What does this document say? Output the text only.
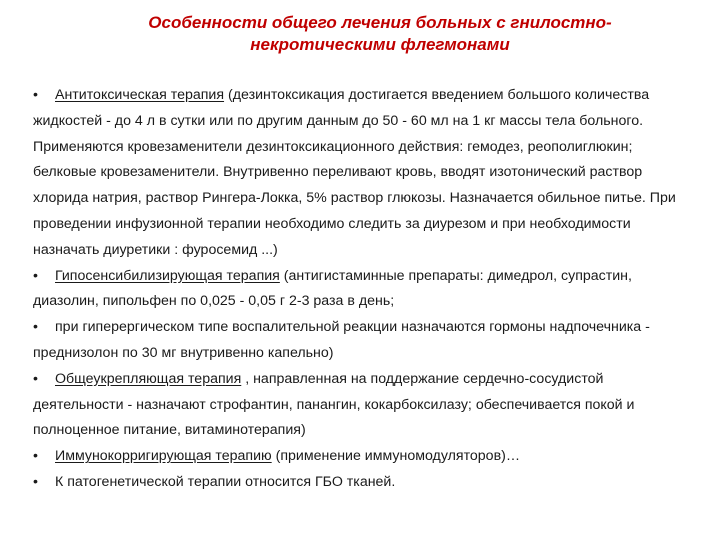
Особенности общего лечения больных с гнилостно-
некротическими флегмонами

• Антитоксическая терапия (дезинтоксикация достигается введением большого количества жидкостей - до 4 л в сутки или по другим данным до 50 - 60 мл на 1 кг массы тела больного. Применяются кровезаменители дезинтоксикационного действия: гемодез, реополиглюкин; белковые кровезаменители. Внутривенно переливают кровь, вводят изотонический раствор хлорида натрия, раствор Рингера-Локка, 5% раствор глюкозы. Назначается обильное питье. При проведении инфузионной терапии необходимо следить за диурезом и при необходимости назначать диуретики : фуросемид ...)

• Гипосенсибилизирующая терапия (антигистаминные препараты: димедрол, супрастин, диазолин, пипольфен по 0,025 - 0,05 г 2-3 раза в день;

• при гиперергическом типе воспалительной реакции назначаются гормоны надпочечника - преднизолон по 30 мг внутривенно капельно)

• Общеукрепляющая терапия , направленная на поддержание сердечно-сосудистой деятельности - назначают строфантин, панангин, кокарбоксилазу; обеспечивается покой и полноценное питание, витаминотерапия)

• Иммунокорригирующая терапию (применение иммуномодуляторов)…

• К патогенетической терапии относится ГБО тканей.
